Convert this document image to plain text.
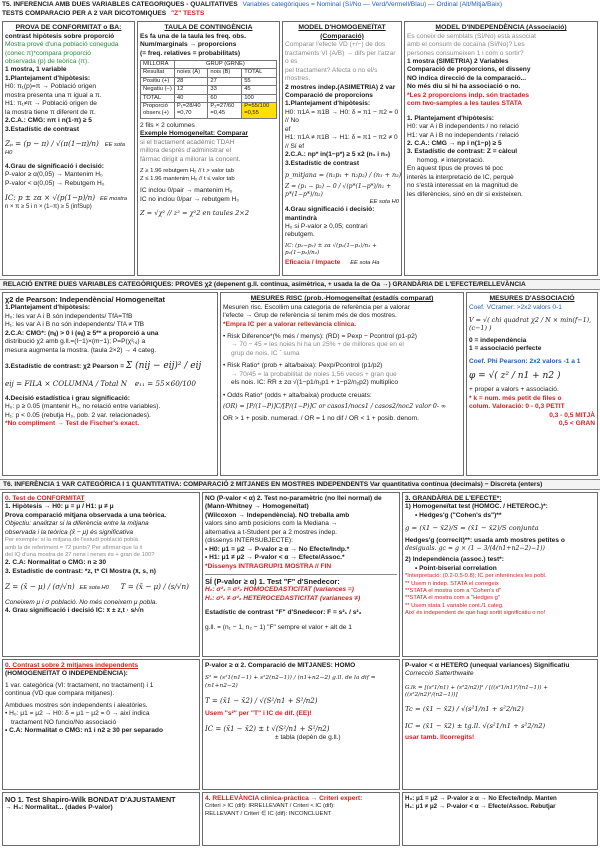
T5. INFERÈNCIA AMB DUES VARIABLES CATEGÒRIQUES - QUALITATIVES Variables categòriques = Nominal (Sí/No — Verd/Vermell/Blau) — Ordinal (Alt/Mitjà/Baix)
TESTS COMPARACIÓ PER A 2 VAR DICOTÒMIQUES "Z" TESTS
PROVA DE CONFORMITAT o BA:
contrast hipòtesis sobre proporció
Mostra prové d'una població coneguda
(conec π)*compara proporció
observada (p) de teòrica (π).
1 mostra, 1 variable
1.Plantejament d'hipòtesis:
H0: π₁(p)=π → Població origen
mostra presenta una π igual a π.
H1: π₁≠π → Població origen de
la mostra tiene π diferent de π.
2.C.A.: CMG: nπ i n(1-π) ≥ 5
3.Estadístic de contrast
Zₚ = (p − π) / √(π(1−π)/n) EE sota H0
4.Grau de significació i decisió:
P-valor ≥ α(0,05) → Mantenim H₀
P-valor < α(0,05) → Rebutgem H₀
IC: p ± zα × √(p(1−p)/n) EE mostra
n × π ≥ 5 i n × (1−π) ≥ 5 (infSup)
TAULA DE CONTINGÈNCIA
Es fa una de la taula les freq. obs.
Num/marginals → proporcions
(= freq. relatives = probabilitats)
MILLORA	GRUP (GRNE)		
Resultat	noies (A)	nois (B)	TOTAL
Positiu (+)	28	27	55
Negatiu (−)	12	33	45
TOTAL	40	60	100
Proporció observ.(+)	P₁=28/40 =0,70	P₂=27/60 =0,45	P=55/100 =0,55
2 fils × 2 columnes
Exemple Homogeneïtat: Comparar
si el tractament acadèmic TDAH
millora després d'administrar el
fàrmac dirigit a millorar la concent.
Z ≥ 1.96 rebutgem H₀ // t > valor tab
Z ≤ 1.96 mantenim H₀ // t ≤ valor tab
IC inclou 0/pair → mantenim H₀
IC no inclou 0/par → rebutgem H₀
Z = √χ² // z² = χ²2 en taules 2×2
MODEL D'HOMOGENEÏTAT (Comparació)
Comparar l'efecte VD (+/−) de dos
tractaments VI (A/B) → difs per l'atzar o es
pel tractament? Afecta o no el/s mostres.
2 mostres indep.(ASIMETRIA) 2 var
Comparació de proporcions
1.Plantejament d'hipòtesis:
H0: π1A = π1B → H0: δ = π1 − π2 = 0 // No
ef
H1: π1A ≠ π1B → H1: δ = π1 − π2 ≠ 0 // Sí ef
2.C.A.: np* in(1−p*) ≥ 5 x2 (n₁ i n₂)
3.Estadístic de contrast
p_mitjana = (n₁p₁ + n₂p₂) / (n₁ + n₂)
Z = (p₁ − p₂) − 0 / √(p*(1−p*)/n₁ + p*(1−p*)/n₂)
EE sota H0
4.Grau significació i decisió: mantindrà
H₀ si P-valor ≥ 0,05; contrari rebutgem.
IC: (p₁−p₂) ± zα √(p₁(1−p₁)/n₁ + p₂(1−p₂)/n₂)
Eficacia / Impacte EE sota Ha
MODEL D'INDEPENDÈNCIA (Associació)
Es coneix de semblats (Sí/No) està associat
amb el consum de cocaïna (Sí/No)? Les
persones consumeixen 1 i com o sortir?
1 mostra (SIMETRIA) 2 Variables
Comparació de proporcions, el disseny
NO indica direcció de la comparació...
No més diu si hi ha associació o no.
*Les 2 proporcions indp. són tractades
com two-samples a les taules STATA
1. Plantejament d'hipòtesis:
H0: var A i B independents / no relació
H1: var A i B no independents / relació
2. C.A.: CMG → np i n(1−p) ≥ 5
3. Estadístic de contrast: Z = càlcul
homog. ≠ interpretació.
En aquest tipus de proves té poc
interès la interpretació de IC, perquè
no s'està interessat en la magnitud de
les diferències, sinó en dir si existeixen.
RELACIÓ ENTRE DUES VARIABLES CATEGÒRIQUES: PROVES χ2 (depenent g.ll. contínua, asimètrica, + usada la de Oa →) GRANDÀRIA DE L'EFECTE/RELLEVÀNCIA
χ2 de Pearson: Independència/ Homogeneïtat
1.Plantejament d'hipòtesis:
H₀: les var A i B són independents/ TfA=TfB
H₁: les var A i B no són independents/ TfA ≠ TfB
2.C.A: CMG*: (nᵢⱼ) > 0 i (eᵢⱼ) ≥ 5** a proporció a una
distribució χ2 amb g.ll.=(I−1)×(m−1); P=P(χ²ᵢ,ⱼ) a
mesura augmenta la mostra. (taula 2×2) → 4 categ.
3.Estadístic de contrast: χ2 Pearson = Σ (nij − eij)² / eij
eij = FILA × COLUMNA / Total N e₁₁ = 55×60/100
4.Decisió estadística i grau significació:
H₀: p ≥ 0.05 (mantenir H₀, no relació entre variables).
H₁: p < 0.05 (rebutja H₀, pob. 2 var. relacionades).
*No compliment → Test de Fischer's exact.
MESURES RISC (prob.-Homogeneïtat (estadís comparat)
Mesuren risc. Escollim una categoria de referència per a valorar
l'efecte → Grup de referència sí tenim més de dos mostres.
*Empra IC per a valorar rellevància clínica.
• Risk Diference*(% més / menys): (RD) = Pexp − Pcontrol (p1-p2)
→ 70 − 45 = les noies hi ha un 25% + de millores que en el
grup de nois. IC ˇ suma
• Risk Ratio* (prob + alta/baixa): Pexp/Pcontrol (p1/p2)
→ 70/45 = la probabilitat de noies 1,56 veces + gran que
els nois. IC: RR ± zα √(1−p1/n₁p1 + 1−p2/n₂p2) multiplico
• Odds Ratio* (odds + alta/baixa) producte creuats:
(OR) = [P/(1−P)]C/[P/(1−P)]C or casos1/nocs1 / casos2/noc2 valor 0- ∞
OR > 1 + posib. numerad. / OR = 1 no dif / OR < 1 + posib. denom.
MESURES D'ASSOCIACIÓ
Coef. VCramer: >2x2 valors 0-1
V = √( chi quadrat χ2 / N × min(f−1),(c−1) )
0 = independència
1 = associació perfecte
Coef. Phi Pearson: 2x2 valors -1 a 1
φ = √( z² / n1 + n2 )
+ proper a valors + associació.
* k = num. més petit de files o
colum. Valoració: 0 - 0,3 PETIT
0,3 - 0,5 MITJÀ
0,5 < GRAN
T6. INFERÈNCIA 1 VAR CATEGÒRICA I 1 QUANTITATIVA: COMPARACIÓ 2 MITJANES EN MOSTRES INDEPENDENTS Var quantitativa contínua (decimals) − Discreta (enters)
0. Test de CONFORMITAT
1. Hipòtesis → H0: μ = μ / H1: μ ≠ μ
Prova comparació mitjana observada a una teòrica.
Objectiu: analitzar si la diferència entre la mitjana
observada i la teòrica (x̄ − μ) és significativa
Per exemple: si la mitjana de l'estudi població poblà
amb la de referiment = 72 punts? Per afirmar que la x̄
del IQ d'una mostra de 27 nens i nenes és + gran de 100?
2. C.A: Normalitat o CMG: n ≥ 30
3. Estadístic de contrast: *z, t* CI Mostra (x̄, s, n)
Z = (x̄ − μ) / (σ/√n) EE sota H0 T = (x̄ − μ) / (s/√n)
Coneixem μ i σ població. No més coneixem μ pobla.
4. Grau significació i decisió IC: x̄ ± z,t · s/√n
NO (P-valor < α) 2. Test no-paramètric (no llei normal) de (Mann-Whitney → Homogeneïtat)
(Wilcoxon → Independència). NO treballa amb
valors sino amb posicions com la Mediana →
alternativa a t-Student per a 2 mostres indep.
(dissenys INTERSUBJECTE):
• H0: μ1 = μ2 → P-valor ≥ α → No Efecte/Indp.*
• H1: μ1 ≠ μ2 → P-valor < α → Efecte/Assoc.*
*Dissenys INTRAGRUP/1 MOSTRA // FIN
SÍ (P-valor ≥ α) 1. Test "F" d'Snedecor:
H₀: σ²₁ = σ²₂ HOMOCEDASTICITAT (variances =)
H₁: σ²₁ ≠ σ²₂ HETEROCEDASTICITAT (variances ≠)
Estadístic de contrast "F" d'Snedecor: F = s²₁ / s²₂
g.ll. = (n₁ − 1, n₂ − 1) "F" sempre el valor + alt de 1
3. GRANDÀRIA DE L'EFECTE*:
1) Homogeneïtat test (HOMOC. / HETEROC.)*:
• Hedges'g ("Cohen's ds")**
g = (x̄1 − x̄2)/S = (x̄1 − x̄2)/S conjunta
Hedges'g (correcit)**: usada amb mostres petites o
desiguals. gc = g × (1 − 3/(4(n1+n2−2)−1))
2) Independència (assoc.) test*:
• Point-biserial correlation
*Interpretació: (0.2-0.5-0.8); IC per inferències les pobl.
** Usem n indep. STATA el corregeix
**STATA el mostra com a "Cohen's d"
**STATA el mostra com a "Hedges g"
** Usem stata 1 variable cont./1 categ.
Així és independent de que hagi sortit significatiu o no!
0. Contrast sobre 2 mitjanes independents
(HOMOGENEÏTAT O INDEPENDÈNCIA):
1 var. categòrica (VI: tractament, no tractament) i 1
contínua (VD que compara mitjanes).
Ambdues mostres són independents i aleatòries.
• H₀: μ1 = μ2 → H0: δ = μ1 − μ2 = 0 → així indica
tractament NO funcio/No associació
• C.A: Normalitat o CMG: n1 i n2 ≥ 30 per separado
P-valor ≥ α 2. Comparació de MITJANES: HOMO
S² = (s²1(n1−1) + s²2(n2−1)) / (n1+n2−2) g.ll. de la dif = (n1+n2−2)
T = (x̄1 − x̄2) / √(S²/n1 + S²/n2)
Usem "s²" per "T" i IC de dif. (EE)!
IC = (x̄1 − x̄2) ± t √(S²/n1 + S²/n2)
± tabla (depèn de g.ll.)
P-valor < α HETERO (unequal variances) Significatiu
Correcció Satterthwaite
G.lk = [(s²1/n1) + (s²2/n2)]² / [((s²1/n1)²/(n1−1)) + ((s²2/n2)²/(n2−1))]
Tc = (x̄1 − x̄2) / √(s²1/n1 + s²2/n2)
IC = (x̄1 − x̄2) ± tg.ll. √(s²1/n1 + s²2/n2)
usar tamb. llcorregits!
NO 1. Test Shapiro-Wilk BONDAT D'AJUSTAMENT
→ H₀: Normalitat... (dades P-valor)
4. RELLEVÀNCIA clínica-pràctica → Criteri expert:
Criteri > IC (dif): IRRELLEVANT / Criteri < IC (dif):
RELLEVANT / Criteri ∈ IC (dif): INCONCLUENT
H₀: μ1 = μ2 → P-valor ≥ α → No Efecte/Indp. Manten
H₁: μ1 ≠ μ2 → P-valor < α → Efecte/Assoc. Rebutjar
